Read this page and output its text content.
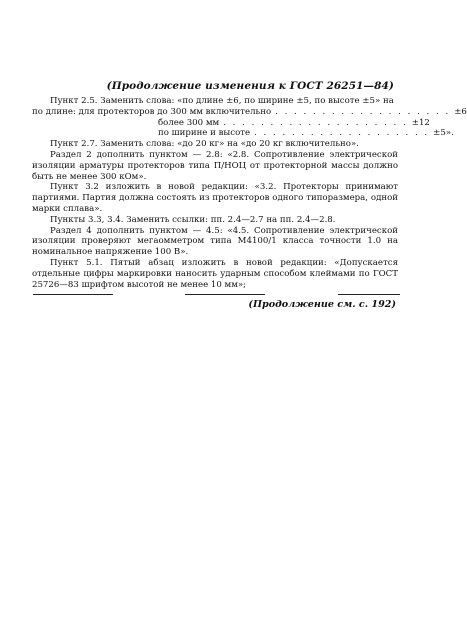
(Продолжение изменения к ГОСТ 26251—84)

Пункт 2.5. Заменить слова: «по длине ±6, по ширине ±5, по высоте ±5» на

по длине: для протекторов до 300 мм включительно . . . . . . . . . . . . . . . . . . . ±6
более 300 мм . . . . . . . . . . . . . . . . . . . . ±12
по ширине и высоте . . . . . . . . . . . . . . . . . . . ±5».

Пункт 2.7. Заменить слова: «до 20 кг» на «до 20 кг включительно».

Раздел 2 дополнить пунктом — 2.8: «2.8. Сопротивление электрической изоляции арматуры протекторов типа П/НОЦ от протекторной массы должно быть не менее 300 кОм».

Пункт 3.2 изложить в новой редакции: «3.2. Протекторы принимают партиями. Партия должна состоять из протекторов одного типоразмера, одной марки сплава».

Пункты 3.3, 3.4. Заменить ссылки: пп. 2.4—2.7 на пп. 2.4—2.8.

Раздел 4 дополнить пунктом — 4.5: «4.5. Сопротивление электрической изоляции проверяют мегаомметром типа М4100/1 класса точности 1.0 на номинальное напряжение 100 В».

Пункт 5.1. Пятый абзац изложить в новой редакции: «Допускается отдельные цифры маркировки наносить ударным способом клеймами по ГОСТ 25726—83 шрифтом высотой не менее 10 мм»;

(Продолжение см. с. 192)
